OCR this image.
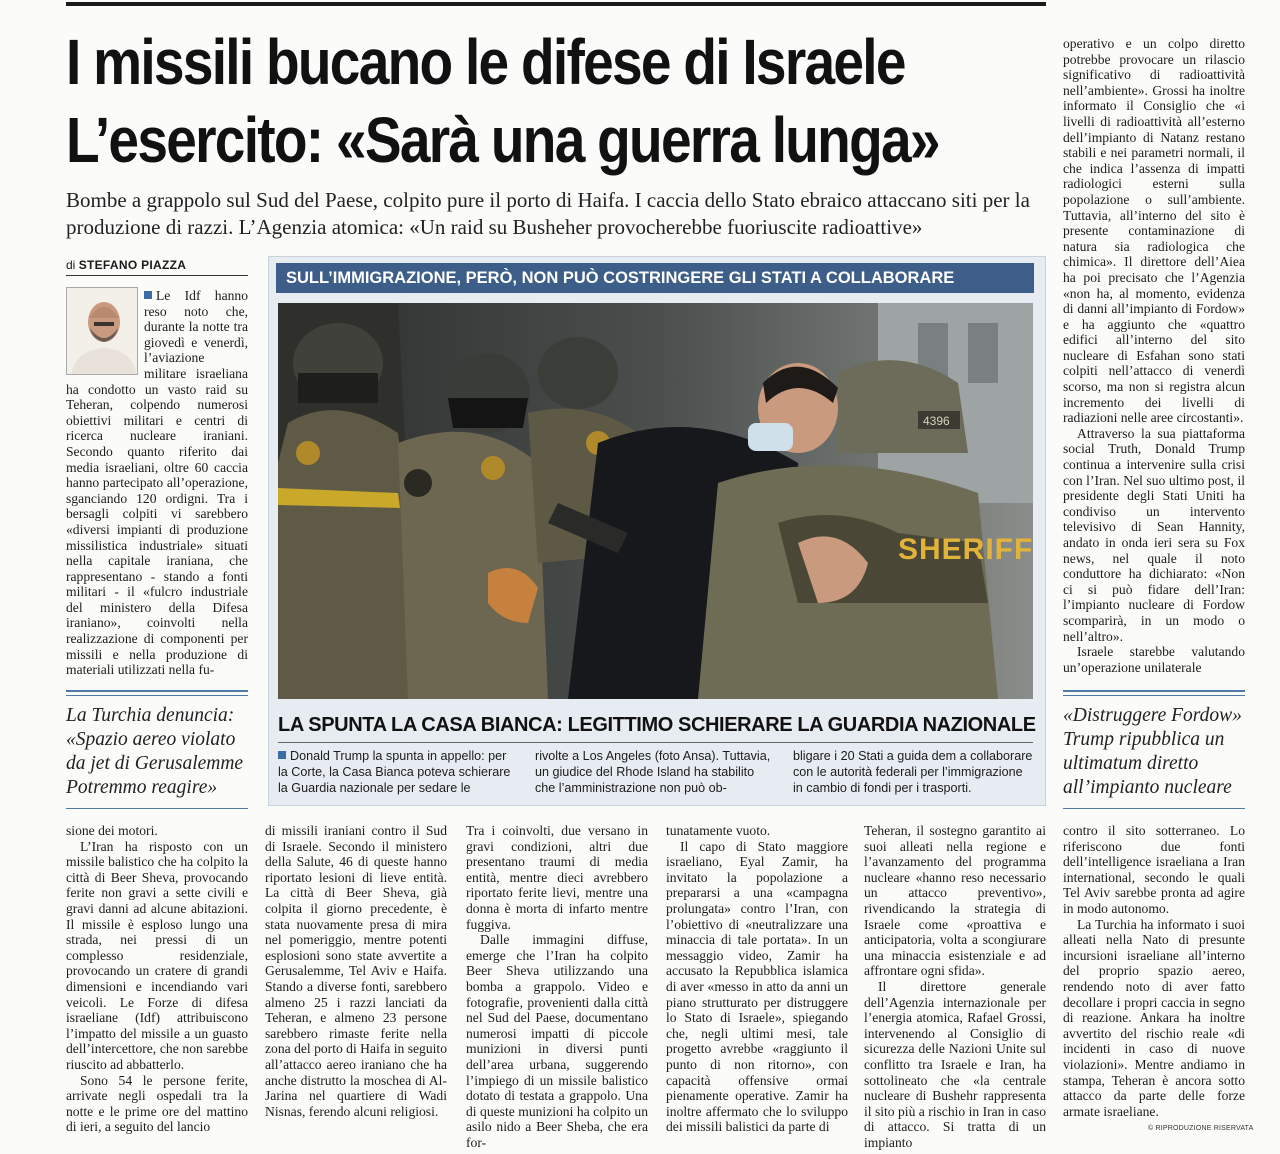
I missili bucano le difese di Israele
L’esercito: «Sarà una guerra lunga»
Bombe a grappolo sul Sud del Paese, colpito pure il porto di Haifa. I caccia dello Stato ebraico attaccano siti per la produzione di razzi. L’Agenzia atomica: «Un raid su Busheher provocherebbe fuoriuscite radioattive»
di STEFANO PIAZZA

Le Idf hanno reso noto che, durante la notte tra giovedì e venerdì, l’aviazione militare israeliana ha condotto un vasto raid su Teheran, colpendo numerosi obiettivi militari e centri di ricerca nucleare iraniani. Secondo quanto riferito dai media israeliani, oltre 60 caccia hanno partecipato all’operazione, sganciando 120 ordigni. Tra i bersagli colpiti vi sarebbero «diversi impianti di produzione missilistica industriale» situati nella capitale iraniana, che rappresentano - stando a fonti militari - il «fulcro industriale del ministero della Difesa iraniano», coinvolti nella realizzazione di componenti per missili e nella produzione di materiali utilizzati nella fu-

operativo e un colpo diretto potrebbe provocare un rilascio significativo di radioattività nell’ambiente». Grossi ha inoltre informato il Consiglio che «i livelli di radioattività all’esterno dell’impianto di Natanz restano stabili e nei parametri normali, il che indica l’assenza di impatti radiologici esterni sulla popolazione o sull’ambiente. Tuttavia, all’interno del sito è presente contaminazione di natura sia radiologica che chimica». Il direttore dell’Aiea ha poi precisato che l’Agenzia «non ha, al momento, evidenza di danni all’impianto di Fordow» e ha aggiunto che «quattro edifici all’interno del sito nucleare di Esfahan sono stati colpiti nell’attacco di venerdì scorso, ma non si registra alcun incremento dei livelli di radiazioni nelle aree circostanti».

Attraverso la sua piattaforma social Truth, Donald Trump continua a intervenire sulla crisi con l’Iran. Nel suo ultimo post, il presidente degli Stati Uniti ha condiviso un intervento televisivo di Sean Hannity, andato in onda ieri sera su Fox news, nel quale il noto conduttore ha dichiarato: «Non ci si può fidare dell’Iran: l’impianto nucleare di Fordow scomparirà, in un modo o nell’altro».

Israele starebbe valutando un’operazione unilaterale

SULL’IMMIGRAZIONE, PERÒ, NON PUÒ COSTRINGERE GLI STATI A COLLABORARE
4396
SHERIFF
LA SPUNTA LA CASA BIANCA: LEGITTIMO SCHIERARE LA GUARDIA NAZIONALE
Donald Trump la spunta in appello: per la Corte, la Casa Bianca poteva schierare la Guardia nazionale per sedare le
rivolte a Los Angeles (foto Ansa). Tuttavia, un giudice del Rhode Island ha stabilito che l’amministrazione non può ob-
bligare i 20 Stati a guida dem a collaborare con le autorità federali per l’immigrazione in cambio di fondi per i trasporti.
La Turchia denuncia: «Spazio aereo violato da jet di Gerusalemme Potremmo reagire»
«Distruggere Fordow» Trump ripubblica un ultimatum diretto all’impianto nucleare

sione dei motori.

L’Iran ha risposto con un missile balistico che ha colpito la città di Beer Sheva, provocando ferite non gravi a sette civili e gravi danni ad alcune abitazioni. Il missile è esploso lungo una strada, nei pressi di un complesso residenziale, provocando un cratere di grandi dimensioni e incendiando vari veicoli. Le Forze di difesa israeliane (Idf) attribuiscono l’impatto del missile a un guasto dell’intercettore, che non sarebbe riuscito ad abbatterlo.

Sono 54 le persone ferite, arrivate negli ospedali tra la notte e le prime ore del mattino di ieri, a seguito del lancio

di missili iraniani contro il Sud di Israele. Secondo il ministero della Salute, 46 di queste hanno riportato lesioni di lieve entità. La città di Beer Sheva, già colpita il giorno precedente, è stata nuovamente presa di mira nel pomeriggio, mentre potenti esplosioni sono state avvertite a Gerusalemme, Tel Aviv e Haifa. Stando a diverse fonti, sarebbero almeno 25 i razzi lanciati da Teheran, e almeno 23 persone sarebbero rimaste ferite nella zona del porto di Haifa in seguito all’attacco aereo iraniano che ha anche distrutto la moschea di Al-Jarina nel quartiere di Wadi Nisnas, ferendo alcuni religiosi.

Tra i coinvolti, due versano in gravi condizioni, altri due presentano traumi di media entità, mentre dieci avrebbero riportato ferite lievi, mentre una donna è morta di infarto mentre fuggiva.

Dalle immagini diffuse, emerge che l’Iran ha colpito Beer Sheva utilizzando una bomba a grappolo. Video e fotografie, provenienti dalla città nel Sud del Paese, documentano numerosi impatti di piccole munizioni in diversi punti dell’area urbana, suggerendo l’impiego di un missile balistico dotato di testata a grappolo. Una di queste munizioni ha colpito un asilo nido a Beer Sheba, che era for-

tunatamente vuoto.

Il capo di Stato maggiore israeliano, Eyal Zamir, ha invitato la popolazione a prepararsi a una «campagna prolungata» contro l’Iran, con l’obiettivo di «neutralizzare una minaccia di tale portata». In un messaggio video, Zamir ha accusato la Repubblica islamica di aver «messo in atto da anni un piano strutturato per distruggere lo Stato di Israele», spiegando che, negli ultimi mesi, tale progetto avrebbe «raggiunto il punto di non ritorno», con capacità offensive ormai pienamente operative. Zamir ha inoltre affermato che lo sviluppo dei missili balistici da parte di

Teheran, il sostegno garantito ai suoi alleati nella regione e l’avanzamento del programma nucleare «hanno reso necessario un attacco preventivo», rivendicando la strategia di Israele come «proattiva e anticipatoria, volta a scongiurare una minaccia esistenziale e ad affrontare ogni sfida».

Il direttore generale dell’Agenzia internazionale per l’energia atomica, Rafael Grossi, intervenendo al Consiglio di sicurezza delle Nazioni Unite sul conflitto tra Israele e Iran, ha sottolineato che «la centrale nucleare di Bushehr rappresenta il sito più a rischio in Iran in caso di attacco. Si tratta di un impianto

contro il sito sotterraneo. Lo riferiscono due fonti dell’intelligence israeliana a Iran international, secondo le quali Tel Aviv sarebbe pronta ad agire in modo autonomo.

La Turchia ha informato i suoi alleati nella Nato di presunte incursioni israeliane all’interno del proprio spazio aereo, rendendo noto di aver fatto decollare i propri caccia in segno di reazione. Ankara ha inoltre avvertito del rischio reale «di incidenti in caso di nuove violazioni». Mentre andiamo in stampa, Teheran è ancora sotto attacco da parte delle forze armate israeliane.

© RIPRODUZIONE RISERVATA
